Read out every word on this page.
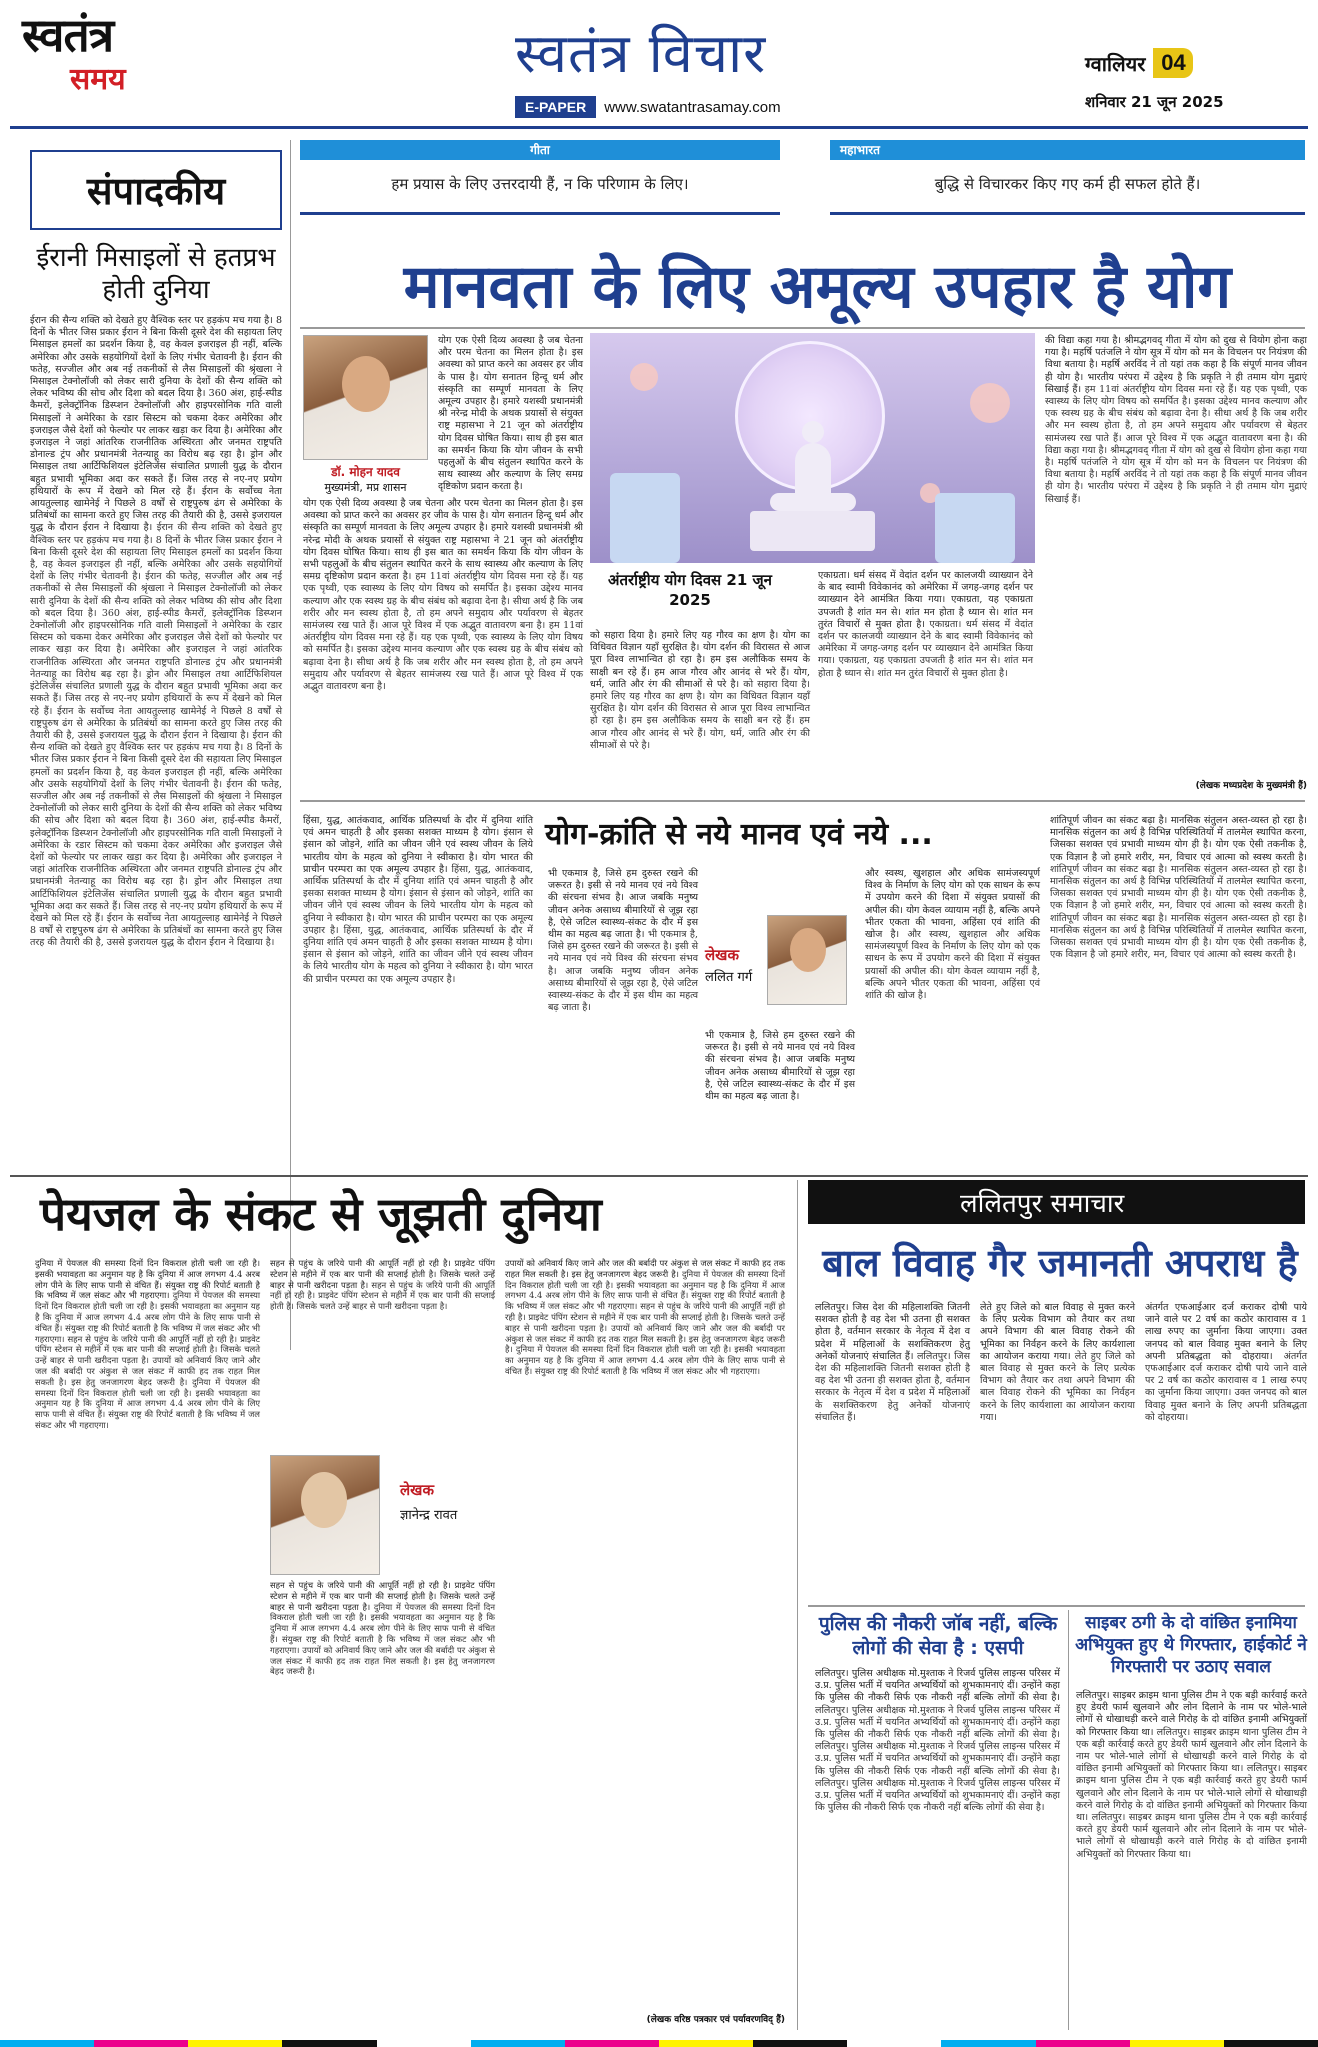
स्वतंत्र
समय	स्वतंत्र विचार
E-PAPER	www.swatantrasamay.com
ग्वालियर 04
शनिवार 21 जून 2025
संपादकीय
ईरानी मिसाइलों से हतप्रभ होती दुनिया
ईरान की सैन्य शक्ति को देखते हुए वैश्विक स्तर पर हड़कंप मच गया है। 8 दिनों के भीतर जिस प्रकार ईरान ने बिना किसी दूसरे देश की सहायता लिए मिसाइल हमलों का प्रदर्शन किया है, वह केवल इजराइल ही नहीं, बल्कि अमेरिका और उसके सहयोगियों देशों के लिए गंभीर चेतावनी है। ईरान की फतेह, सज्जील और अब नई तकनीकों से लैस मिसाइलों की श्रृंखला ने मिसाइल टेक्नोलॉजी को लेकर सारी दुनिया के देशों की सैन्य शक्ति को लेकर भविष्य की सोच और दिशा को बदल दिया है। 360 अंश, हाई-स्पीड कैमरों, इलेक्ट्रॉनिक डिस्प्शन टेक्नोलॉजी और हाइपरसोनिक गति वाली मिसाइलों ने अमेरिका के रडार सिस्टम को चकमा देकर अमेरिका और इजराइल जैसे देशों को फेल्योर पर लाकर खड़ा कर दिया है। अमेरिका और इजराइल ने जहां आंतरिक राजनीतिक अस्थिरता और जनमत राष्ट्रपति डोनाल्ड ट्रंप और प्रधानमंत्री नेतन्याहू का विरोध बढ़ रहा है। ड्रोन और मिसाइल तथा आर्टिफिशियल इंटेलिजेंस संचालित प्रणाली युद्ध के दौरान बहुत प्रभावी भूमिका अदा कर सकते हैं। जिस तरह से नए-नए प्रयोग हथियारों के रूप में देखने को मिल रहे हैं। ईरान के सर्वोच्च नेता आयतुल्लाह खामेनेई ने पिछले 8 वर्षों से राष्ट्रपुरुष ढंग से अमेरिका के प्रतिबंधों का सामना करते हुए जिस तरह की तैयारी की है, उससे इजरायल युद्ध के दौरान ईरान ने दिखाया है। ईरान की सैन्य शक्ति को देखते हुए वैश्विक स्तर पर हड़कंप मच गया है। 8 दिनों के भीतर जिस प्रकार ईरान ने बिना किसी दूसरे देश की सहायता लिए मिसाइल हमलों का प्रदर्शन किया है, वह केवल इजराइल ही नहीं, बल्कि अमेरिका और उसके सहयोगियों देशों के लिए गंभीर चेतावनी है। ईरान की फतेह, सज्जील और अब नई तकनीकों से लैस मिसाइलों की श्रृंखला ने मिसाइल टेक्नोलॉजी को लेकर सारी दुनिया के देशों की सैन्य शक्ति को लेकर भविष्य की सोच और दिशा को बदल दिया है। 360 अंश, हाई-स्पीड कैमरों, इलेक्ट्रॉनिक डिस्प्शन टेक्नोलॉजी और हाइपरसोनिक गति वाली मिसाइलों ने अमेरिका के रडार सिस्टम को चकमा देकर अमेरिका और इजराइल जैसे देशों को फेल्योर पर लाकर खड़ा कर दिया है। अमेरिका और इजराइल ने जहां आंतरिक राजनीतिक अस्थिरता और जनमत राष्ट्रपति डोनाल्ड ट्रंप और प्रधानमंत्री नेतन्याहू का विरोध बढ़ रहा है। ड्रोन और मिसाइल तथा आर्टिफिशियल इंटेलिजेंस संचालित प्रणाली युद्ध के दौरान बहुत प्रभावी भूमिका अदा कर सकते हैं। जिस तरह से नए-नए प्रयोग हथियारों के रूप में देखने को मिल रहे हैं। ईरान के सर्वोच्च नेता आयतुल्लाह खामेनेई ने पिछले 8 वर्षों से राष्ट्रपुरुष ढंग से अमेरिका के प्रतिबंधों का सामना करते हुए जिस तरह की तैयारी की है, उससे इजरायल युद्ध के दौरान ईरान ने दिखाया है। ईरान की सैन्य शक्ति को देखते हुए वैश्विक स्तर पर हड़कंप मच गया है। 8 दिनों के भीतर जिस प्रकार ईरान ने बिना किसी दूसरे देश की सहायता लिए मिसाइल हमलों का प्रदर्शन किया है, वह केवल इजराइल ही नहीं, बल्कि अमेरिका और उसके सहयोगियों देशों के लिए गंभीर चेतावनी है। ईरान की फतेह, सज्जील और अब नई तकनीकों से लैस मिसाइलों की श्रृंखला ने मिसाइल टेक्नोलॉजी को लेकर सारी दुनिया के देशों की सैन्य शक्ति को लेकर भविष्य की सोच और दिशा को बदल दिया है। 360 अंश, हाई-स्पीड कैमरों, इलेक्ट्रॉनिक डिस्प्शन टेक्नोलॉजी और हाइपरसोनिक गति वाली मिसाइलों ने अमेरिका के रडार सिस्टम को चकमा देकर अमेरिका और इजराइल जैसे देशों को फेल्योर पर लाकर खड़ा कर दिया है। अमेरिका और इजराइल ने जहां आंतरिक राजनीतिक अस्थिरता और जनमत राष्ट्रपति डोनाल्ड ट्रंप और प्रधानमंत्री नेतन्याहू का विरोध बढ़ रहा है। ड्रोन और मिसाइल तथा आर्टिफिशियल इंटेलिजेंस संचालित प्रणाली युद्ध के दौरान बहुत प्रभावी भूमिका अदा कर सकते हैं। जिस तरह से नए-नए प्रयोग हथियारों के रूप में देखने को मिल रहे हैं। ईरान के सर्वोच्च नेता आयतुल्लाह खामेनेई ने पिछले 8 वर्षों से राष्ट्रपुरुष ढंग से अमेरिका के प्रतिबंधों का सामना करते हुए जिस तरह की तैयारी की है, उससे इजरायल युद्ध के दौरान ईरान ने दिखाया है।
गीता
हम प्रयास के लिए उत्तरदायी हैं, न कि परिणाम के लिए।
महाभारत
बुद्धि से विचारकर किए गए कर्म ही सफल होते हैं।
मानवता के लिए अमूल्य उपहार है योग
डॉ. मोहन यादव
मुख्यमंत्री, मप्र शासन
योग एक ऐसी दिव्य अवस्था है जब चेतना और परम चेतना का मिलन होता है। इस अवस्था को प्राप्त करने का अवसर हर जीव के पास है। योग सनातन हिन्दू धर्म और संस्कृति का सम्पूर्ण मानवता के लिए अमूल्य उपहार है। हमारे यशस्वी प्रधानमंत्री श्री नरेन्द्र मोदी के अथक प्रयासों से संयुक्त राष्ट्र महासभा ने 21 जून को अंतर्राष्ट्रीय योग दिवस घोषित किया। साथ ही इस बात का समर्थन किया कि योग जीवन के सभी पहलुओं के बीच संतुलन स्थापित करने के साथ स्वास्थ्य और कल्याण के लिए समग्र दृष्टिकोण प्रदान करता है।
योग एक ऐसी दिव्य अवस्था है जब चेतना और परम चेतना का मिलन होता है। इस अवस्था को प्राप्त करने का अवसर हर जीव के पास है। योग सनातन हिन्दू धर्म और संस्कृति का सम्पूर्ण मानवता के लिए अमूल्य उपहार है। हमारे यशस्वी प्रधानमंत्री श्री नरेन्द्र मोदी के अथक प्रयासों से संयुक्त राष्ट्र महासभा ने 21 जून को अंतर्राष्ट्रीय योग दिवस घोषित किया। साथ ही इस बात का समर्थन किया कि योग जीवन के सभी पहलुओं के बीच संतुलन स्थापित करने के साथ स्वास्थ्य और कल्याण के लिए समग्र दृष्टिकोण प्रदान करता है। हम 11वां अंतर्राष्ट्रीय योग दिवस मना रहे हैं। यह एक पृथ्वी, एक स्वास्थ्य के लिए योग विषय को समर्पित है। इसका उद्देश्य मानव कल्याण और एक स्वस्थ ग्रह के बीच संबंध को बढ़ावा देना है। सीधा अर्थ है कि जब शरीर और मन स्वस्थ होता है, तो हम अपने समुदाय और पर्यावरण से बेहतर सामंजस्य रख पाते हैं। आज पूरे विश्व में एक अद्भुत वातावरण बना है। हम 11वां अंतर्राष्ट्रीय योग दिवस मना रहे हैं। यह एक पृथ्वी, एक स्वास्थ्य के लिए योग विषय को समर्पित है। इसका उद्देश्य मानव कल्याण और एक स्वस्थ ग्रह के बीच संबंध को बढ़ावा देना है। सीधा अर्थ है कि जब शरीर और मन स्वस्थ होता है, तो हम अपने समुदाय और पर्यावरण से बेहतर सामंजस्य रख पाते हैं। आज पूरे विश्व में एक अद्भुत वातावरण बना है।
को सहारा दिया है। हमारे लिए यह गौरव का क्षण है। योग का विधिवत विज्ञान यहाँ सुरक्षित है। योग दर्शन की विरासत से आज पूरा विश्व लाभान्वित हो रहा है। हम इस अलौकिक समय के साक्षी बन रहे हैं। हम आज गौरव और आनंद से भरे हैं। योग, धर्म, जाति और रंग की सीमाओं से परे है। को सहारा दिया है। हमारे लिए यह गौरव का क्षण है। योग का विधिवत विज्ञान यहाँ सुरक्षित है। योग दर्शन की विरासत से आज पूरा विश्व लाभान्वित हो रहा है। हम इस अलौकिक समय के साक्षी बन रहे हैं। हम आज गौरव और आनंद से भरे हैं। योग, धर्म, जाति और रंग की सीमाओं से परे है।
अंतर्राष्ट्रीय योग दिवस 21 जून 2025
एकाग्रता। धर्म संसद में वेदांत दर्शन पर कालजयी व्याख्यान देने के बाद स्वामी विवेकानंद को अमेरिका में जगह-जगह दर्शन पर व्याख्यान देने आमंत्रित किया गया। एकाग्रता, यह एकाग्रता उपजती है शांत मन से। शांत मन होता है ध्यान से। शांत मन तुरंत विचारों से मुक्त होता है। एकाग्रता। धर्म संसद में वेदांत दर्शन पर कालजयी व्याख्यान देने के बाद स्वामी विवेकानंद को अमेरिका में जगह-जगह दर्शन पर व्याख्यान देने आमंत्रित किया गया। एकाग्रता, यह एकाग्रता उपजती है शांत मन से। शांत मन होता है ध्यान से। शांत मन तुरंत विचारों से मुक्त होता है।
की विद्या कहा गया है। श्रीमद्भगवद् गीता में योग को दुख से वियोग होना कहा गया है। महर्षि पतंजलि ने योग सूत्र में योग को मन के विचलन पर नियंत्रण की विधा बताया है। महर्षि अरविंद ने तो यहां तक कहा है कि संपूर्ण मानव जीवन ही योग है। भारतीय परंपरा में उद्देश्य है कि प्रकृति ने ही तमाम योग मुद्राएं सिखाई हैं। हम 11वां अंतर्राष्ट्रीय योग दिवस मना रहे हैं। यह एक पृथ्वी, एक स्वास्थ्य के लिए योग विषय को समर्पित है। इसका उद्देश्य मानव कल्याण और एक स्वस्थ ग्रह के बीच संबंध को बढ़ावा देना है। सीधा अर्थ है कि जब शरीर और मन स्वस्थ होता है, तो हम अपने समुदाय और पर्यावरण से बेहतर सामंजस्य रख पाते हैं। आज पूरे विश्व में एक अद्भुत वातावरण बना है। की विद्या कहा गया है। श्रीमद्भगवद् गीता में योग को दुख से वियोग होना कहा गया है। महर्षि पतंजलि ने योग सूत्र में योग को मन के विचलन पर नियंत्रण की विधा बताया है। महर्षि अरविंद ने तो यहां तक कहा है कि संपूर्ण मानव जीवन ही योग है। भारतीय परंपरा में उद्देश्य है कि प्रकृति ने ही तमाम योग मुद्राएं सिखाई हैं।
(लेखक मध्यप्रदेश के मुख्यमंत्री हैं)
हिंसा, युद्ध, आतंकवाद, आर्थिक प्रतिस्पर्धा के दौर में दुनिया शांति एवं अमन चाहती है और इसका सशक्त माध्यम है योग। इंसान से इंसान को जोड़ने, शांति का जीवन जीने एवं स्वस्थ जीवन के लिये भारतीय योग के महत्व को दुनिया ने स्वीकारा है। योग भारत की प्राचीन परम्परा का एक अमूल्य उपहार है। हिंसा, युद्ध, आतंकवाद, आर्थिक प्रतिस्पर्धा के दौर में दुनिया शांति एवं अमन चाहती है और इसका सशक्त माध्यम है योग। इंसान से इंसान को जोड़ने, शांति का जीवन जीने एवं स्वस्थ जीवन के लिये भारतीय योग के महत्व को दुनिया ने स्वीकारा है। योग भारत की प्राचीन परम्परा का एक अमूल्य उपहार है। हिंसा, युद्ध, आतंकवाद, आर्थिक प्रतिस्पर्धा के दौर में दुनिया शांति एवं अमन चाहती है और इसका सशक्त माध्यम है योग। इंसान से इंसान को जोड़ने, शांति का जीवन जीने एवं स्वस्थ जीवन के लिये भारतीय योग के महत्व को दुनिया ने स्वीकारा है। योग भारत की प्राचीन परम्परा का एक अमूल्य उपहार है।
योग-क्रांति से नये मानव एवं नये ...
भी एकमात्र है, जिसे हम दुरुस्त रखने की जरूरत है। इसी से नये मानव एवं नये विश्व की संरचना संभव है। आज जबकि मनुष्य जीवन अनेक असाध्य बीमारियों से जूझ रहा है, ऐसे जटिल स्वास्थ्य-संकट के दौर में इस थीम का महत्व बढ़ जाता है। भी एकमात्र है, जिसे हम दुरुस्त रखने की जरूरत है। इसी से नये मानव एवं नये विश्व की संरचना संभव है। आज जबकि मनुष्य जीवन अनेक असाध्य बीमारियों से जूझ रहा है, ऐसे जटिल स्वास्थ्य-संकट के दौर में इस थीम का महत्व बढ़ जाता है।
लेखक
ललित गर्ग
भी एकमात्र है, जिसे हम दुरुस्त रखने की जरूरत है। इसी से नये मानव एवं नये विश्व की संरचना संभव है। आज जबकि मनुष्य जीवन अनेक असाध्य बीमारियों से जूझ रहा है, ऐसे जटिल स्वास्थ्य-संकट के दौर में इस थीम का महत्व बढ़ जाता है।
और स्वस्थ, खुशहाल और अधिक सामंजस्यपूर्ण विश्व के निर्माण के लिए योग को एक साधन के रूप में उपयोग करने की दिशा में संयुक्त प्रयासों की अपील की। योग केवल व्यायाम नहीं है, बल्कि अपने भीतर एकता की भावना, अहिंसा एवं शांति की खोज है। और स्वस्थ, खुशहाल और अधिक सामंजस्यपूर्ण विश्व के निर्माण के लिए योग को एक साधन के रूप में उपयोग करने की दिशा में संयुक्त प्रयासों की अपील की। योग केवल व्यायाम नहीं है, बल्कि अपने भीतर एकता की भावना, अहिंसा एवं शांति की खोज है।
शांतिपूर्ण जीवन का संकट बढ़ा है। मानसिक संतुलन अस्त-व्यस्त हो रहा है। मानसिक संतुलन का अर्थ है विभिन्न परिस्थितियों में तालमेल स्थापित करना, जिसका सशक्त एवं प्रभावी माध्यम योग ही है। योग एक ऐसी तकनीक है, एक विज्ञान है जो हमारे शरीर, मन, विचार एवं आत्मा को स्वस्थ करती है। शांतिपूर्ण जीवन का संकट बढ़ा है। मानसिक संतुलन अस्त-व्यस्त हो रहा है। मानसिक संतुलन का अर्थ है विभिन्न परिस्थितियों में तालमेल स्थापित करना, जिसका सशक्त एवं प्रभावी माध्यम योग ही है। योग एक ऐसी तकनीक है, एक विज्ञान है जो हमारे शरीर, मन, विचार एवं आत्मा को स्वस्थ करती है। शांतिपूर्ण जीवन का संकट बढ़ा है। मानसिक संतुलन अस्त-व्यस्त हो रहा है। मानसिक संतुलन का अर्थ है विभिन्न परिस्थितियों में तालमेल स्थापित करना, जिसका सशक्त एवं प्रभावी माध्यम योग ही है। योग एक ऐसी तकनीक है, एक विज्ञान है जो हमारे शरीर, मन, विचार एवं आत्मा को स्वस्थ करती है।
पेयजल के संकट से जूझती दुनिया
दुनिया में पेयजल की समस्या दिनों दिन विकराल होती चली जा रही है। इसकी भयावहता का अनुमान यह है कि दुनिया में आज लगभग 4.4 अरब लोग पीने के लिए साफ पानी से वंचित हैं। संयुक्त राष्ट्र की रिपोर्ट बताती है कि भविष्य में जल संकट और भी गहराएगा। दुनिया में पेयजल की समस्या दिनों दिन विकराल होती चली जा रही है। इसकी भयावहता का अनुमान यह है कि दुनिया में आज लगभग 4.4 अरब लोग पीने के लिए साफ पानी से वंचित हैं। संयुक्त राष्ट्र की रिपोर्ट बताती है कि भविष्य में जल संकट और भी गहराएगा। सहन से पहुंच के जरिये पानी की आपूर्ति नहीं हो रही है। प्राइवेट पंपिंग स्टेशन से महीने में एक बार पानी की सप्लाई होती है। जिसके चलते उन्हें बाहर से पानी खरीदना पड़ता है। उपायों को अनिवार्य किए जाने और जल की बर्बादी पर अंकुश से जल संकट में काफी हद तक राहत मिल सकती है। इस हेतु जनजागरण बेहद जरूरी है। दुनिया में पेयजल की समस्या दिनों दिन विकराल होती चली जा रही है। इसकी भयावहता का अनुमान यह है कि दुनिया में आज लगभग 4.4 अरब लोग पीने के लिए साफ पानी से वंचित हैं। संयुक्त राष्ट्र की रिपोर्ट बताती है कि भविष्य में जल संकट और भी गहराएगा।
सहन से पहुंच के जरिये पानी की आपूर्ति नहीं हो रही है। प्राइवेट पंपिंग स्टेशन से महीने में एक बार पानी की सप्लाई होती है। जिसके चलते उन्हें बाहर से पानी खरीदना पड़ता है। सहन से पहुंच के जरिये पानी की आपूर्ति नहीं हो रही है। प्राइवेट पंपिंग स्टेशन से महीने में एक बार पानी की सप्लाई होती है। जिसके चलते उन्हें बाहर से पानी खरीदना पड़ता है।
लेखक
ज्ञानेन्द्र रावत
सहन से पहुंच के जरिये पानी की आपूर्ति नहीं हो रही है। प्राइवेट पंपिंग स्टेशन से महीने में एक बार पानी की सप्लाई होती है। जिसके चलते उन्हें बाहर से पानी खरीदना पड़ता है। दुनिया में पेयजल की समस्या दिनों दिन विकराल होती चली जा रही है। इसकी भयावहता का अनुमान यह है कि दुनिया में आज लगभग 4.4 अरब लोग पीने के लिए साफ पानी से वंचित हैं। संयुक्त राष्ट्र की रिपोर्ट बताती है कि भविष्य में जल संकट और भी गहराएगा। उपायों को अनिवार्य किए जाने और जल की बर्बादी पर अंकुश से जल संकट में काफी हद तक राहत मिल सकती है। इस हेतु जनजागरण बेहद जरूरी है।
उपायों को अनिवार्य किए जाने और जल की बर्बादी पर अंकुश से जल संकट में काफी हद तक राहत मिल सकती है। इस हेतु जनजागरण बेहद जरूरी है। दुनिया में पेयजल की समस्या दिनों दिन विकराल होती चली जा रही है। इसकी भयावहता का अनुमान यह है कि दुनिया में आज लगभग 4.4 अरब लोग पीने के लिए साफ पानी से वंचित हैं। संयुक्त राष्ट्र की रिपोर्ट बताती है कि भविष्य में जल संकट और भी गहराएगा। सहन से पहुंच के जरिये पानी की आपूर्ति नहीं हो रही है। प्राइवेट पंपिंग स्टेशन से महीने में एक बार पानी की सप्लाई होती है। जिसके चलते उन्हें बाहर से पानी खरीदना पड़ता है। उपायों को अनिवार्य किए जाने और जल की बर्बादी पर अंकुश से जल संकट में काफी हद तक राहत मिल सकती है। इस हेतु जनजागरण बेहद जरूरी है। दुनिया में पेयजल की समस्या दिनों दिन विकराल होती चली जा रही है। इसकी भयावहता का अनुमान यह है कि दुनिया में आज लगभग 4.4 अरब लोग पीने के लिए साफ पानी से वंचित हैं। संयुक्त राष्ट्र की रिपोर्ट बताती है कि भविष्य में जल संकट और भी गहराएगा।
(लेखक वरिष्ठ पत्रकार एवं पर्यावरणविद् हैं)
ललितपुर समाचार
बाल विवाह गैर जमानती अपराध है
ललितपुर। जिस देश की महिलाशक्ति जितनी सशक्त होती है वह देश भी उतना ही सशक्त होता है, वर्तमान सरकार के नेतृत्व में देश व प्रदेश में महिलाओं के सशक्तिकरण हेतु अनेकों योजनाएं संचालित हैं। ललितपुर। जिस देश की महिलाशक्ति जितनी सशक्त होती है वह देश भी उतना ही सशक्त होता है, वर्तमान सरकार के नेतृत्व में देश व प्रदेश में महिलाओं के सशक्तिकरण हेतु अनेकों योजनाएं संचालित हैं।
लेते हुए जिले को बाल विवाह से मुक्त करने के लिए प्रत्येक विभाग को तैयार कर तथा अपने विभाग की बाल विवाह रोकने की भूमिका का निर्वहन करने के लिए कार्यशाला का आयोजन कराया गया। लेते हुए जिले को बाल विवाह से मुक्त करने के लिए प्रत्येक विभाग को तैयार कर तथा अपने विभाग की बाल विवाह रोकने की भूमिका का निर्वहन करने के लिए कार्यशाला का आयोजन कराया गया।
अंतर्गत एफआईआर दर्ज कराकर दोषी पाये जाने वाले पर 2 वर्ष का कठोर कारावास व 1 लाख रुपए का जुर्माना किया जाएगा। उक्त जनपद को बाल विवाह मुक्त बनाने के लिए अपनी प्रतिबद्धता को दोहराया। अंतर्गत एफआईआर दर्ज कराकर दोषी पाये जाने वाले पर 2 वर्ष का कठोर कारावास व 1 लाख रुपए का जुर्माना किया जाएगा। उक्त जनपद को बाल विवाह मुक्त बनाने के लिए अपनी प्रतिबद्धता को दोहराया।
पुलिस की नौकरी जॉब नहीं, बल्कि लोगों की सेवा है : एसपी
ललितपुर। पुलिस अधीक्षक मो.मुश्ताक ने रिजर्व पुलिस लाइन्स परिसर में उ.प्र. पुलिस भर्ती में चयनित अभ्यर्थियों को शुभकामनाएं दीं। उन्होंने कहा कि पुलिस की नौकरी सिर्फ एक नौकरी नहीं बल्कि लोगों की सेवा है। ललितपुर। पुलिस अधीक्षक मो.मुश्ताक ने रिजर्व पुलिस लाइन्स परिसर में उ.प्र. पुलिस भर्ती में चयनित अभ्यर्थियों को शुभकामनाएं दीं। उन्होंने कहा कि पुलिस की नौकरी सिर्फ एक नौकरी नहीं बल्कि लोगों की सेवा है। ललितपुर। पुलिस अधीक्षक मो.मुश्ताक ने रिजर्व पुलिस लाइन्स परिसर में उ.प्र. पुलिस भर्ती में चयनित अभ्यर्थियों को शुभकामनाएं दीं। उन्होंने कहा कि पुलिस की नौकरी सिर्फ एक नौकरी नहीं बल्कि लोगों की सेवा है। ललितपुर। पुलिस अधीक्षक मो.मुश्ताक ने रिजर्व पुलिस लाइन्स परिसर में उ.प्र. पुलिस भर्ती में चयनित अभ्यर्थियों को शुभकामनाएं दीं। उन्होंने कहा कि पुलिस की नौकरी सिर्फ एक नौकरी नहीं बल्कि लोगों की सेवा है।
साइबर ठगी के दो वांछित इनामिया अभियुक्त हुए थे गिरफ्तार, हाईकोर्ट ने गिरफ्तारी पर उठाए सवाल
ललितपुर। साइबर क्राइम थाना पुलिस टीम ने एक बड़ी कार्रवाई करते हुए डेयरी फार्म खुलवाने और लोन दिलाने के नाम पर भोले-भाले लोगों से धोखाधड़ी करने वाले गिरोह के दो वांछित इनामी अभियुक्तों को गिरफ्तार किया था। ललितपुर। साइबर क्राइम थाना पुलिस टीम ने एक बड़ी कार्रवाई करते हुए डेयरी फार्म खुलवाने और लोन दिलाने के नाम पर भोले-भाले लोगों से धोखाधड़ी करने वाले गिरोह के दो वांछित इनामी अभियुक्तों को गिरफ्तार किया था। ललितपुर। साइबर क्राइम थाना पुलिस टीम ने एक बड़ी कार्रवाई करते हुए डेयरी फार्म खुलवाने और लोन दिलाने के नाम पर भोले-भाले लोगों से धोखाधड़ी करने वाले गिरोह के दो वांछित इनामी अभियुक्तों को गिरफ्तार किया था। ललितपुर। साइबर क्राइम थाना पुलिस टीम ने एक बड़ी कार्रवाई करते हुए डेयरी फार्म खुलवाने और लोन दिलाने के नाम पर भोले-भाले लोगों से धोखाधड़ी करने वाले गिरोह के दो वांछित इनामी अभियुक्तों को गिरफ्तार किया था।
